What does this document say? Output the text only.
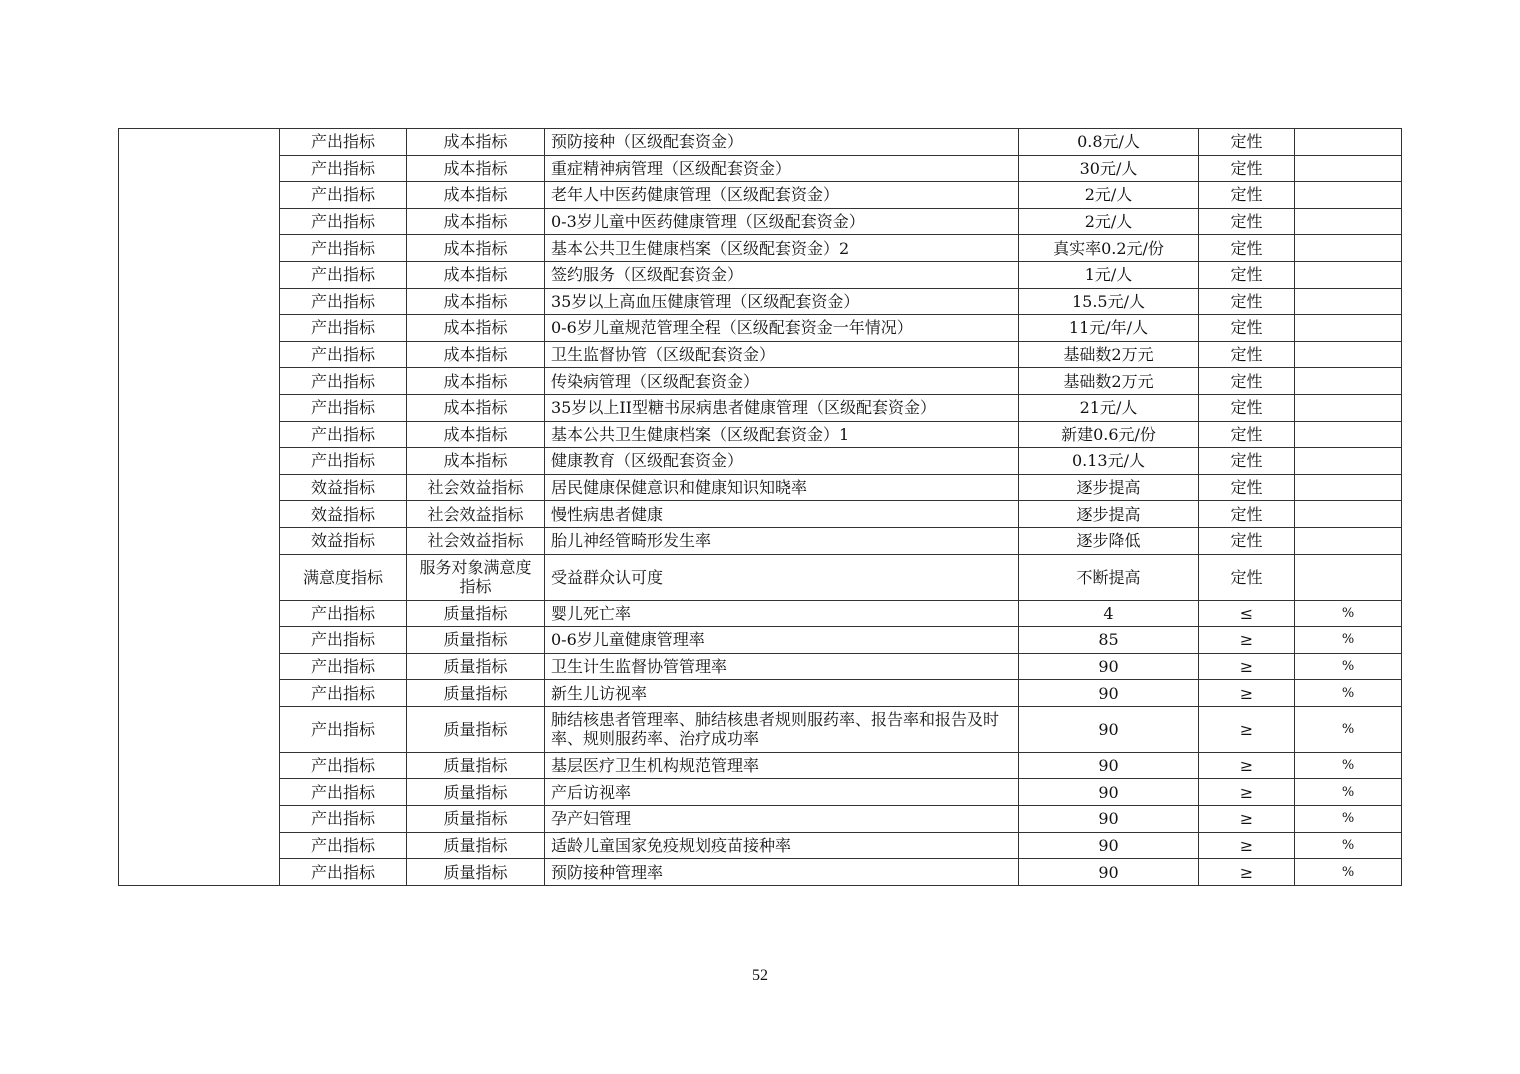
	产出指标	成本指标	预防接种（区级配套资金）	0.8元/人	定性	
	产出指标	成本指标	重症精神病管理（区级配套资金）	30元/人	定性	
	产出指标	成本指标	老年人中医药健康管理（区级配套资金）	2元/人	定性	
	产出指标	成本指标	0-3岁儿童中医药健康管理（区级配套资金）	2元/人	定性	
	产出指标	成本指标	基本公共卫生健康档案（区级配套资金）2	真实率0.2元/份	定性	
	产出指标	成本指标	签约服务（区级配套资金）	1元/人	定性	
	产出指标	成本指标	35岁以上高血压健康管理（区级配套资金）	15.5元/人	定性	
	产出指标	成本指标	0-6岁儿童规范管理全程（区级配套资金一年情况）	11元/年/人	定性	
	产出指标	成本指标	卫生监督协管（区级配套资金）	基础数2万元	定性	
	产出指标	成本指标	传染病管理（区级配套资金）	基础数2万元	定性	
	产出指标	成本指标	35岁以上II型糖书尿病患者健康管理（区级配套资金）	21元/人	定性	
	产出指标	成本指标	基本公共卫生健康档案（区级配套资金）1	新建0.6元/份	定性	
	产出指标	成本指标	健康教育（区级配套资金）	0.13元/人	定性	
	效益指标	社会效益指标	居民健康保健意识和健康知识知晓率	逐步提高	定性	
	效益指标	社会效益指标	慢性病患者健康	逐步提高	定性	
	效益指标	社会效益指标	胎儿神经管畸形发生率	逐步降低	定性	
	满意度指标	服务对象满意度指标	受益群众认可度	不断提高	定性	
	产出指标	质量指标	婴儿死亡率	4	≤	%
	产出指标	质量指标	0-6岁儿童健康管理率	85	≥	%
	产出指标	质量指标	卫生计生监督协管管理率	90	≥	%
	产出指标	质量指标	新生儿访视率	90	≥	%
	产出指标	质量指标	肺结核患者管理率、肺结核患者规则服药率、报告率和报告及时率、规则服药率、治疗成功率	90	≥	%
	产出指标	质量指标	基层医疗卫生机构规范管理率	90	≥	%
	产出指标	质量指标	产后访视率	90	≥	%
	产出指标	质量指标	孕产妇管理	90	≥	%
	产出指标	质量指标	适龄儿童国家免疫规划疫苗接种率	90	≥	%
	产出指标	质量指标	预防接种管理率	90	≥	%
52
